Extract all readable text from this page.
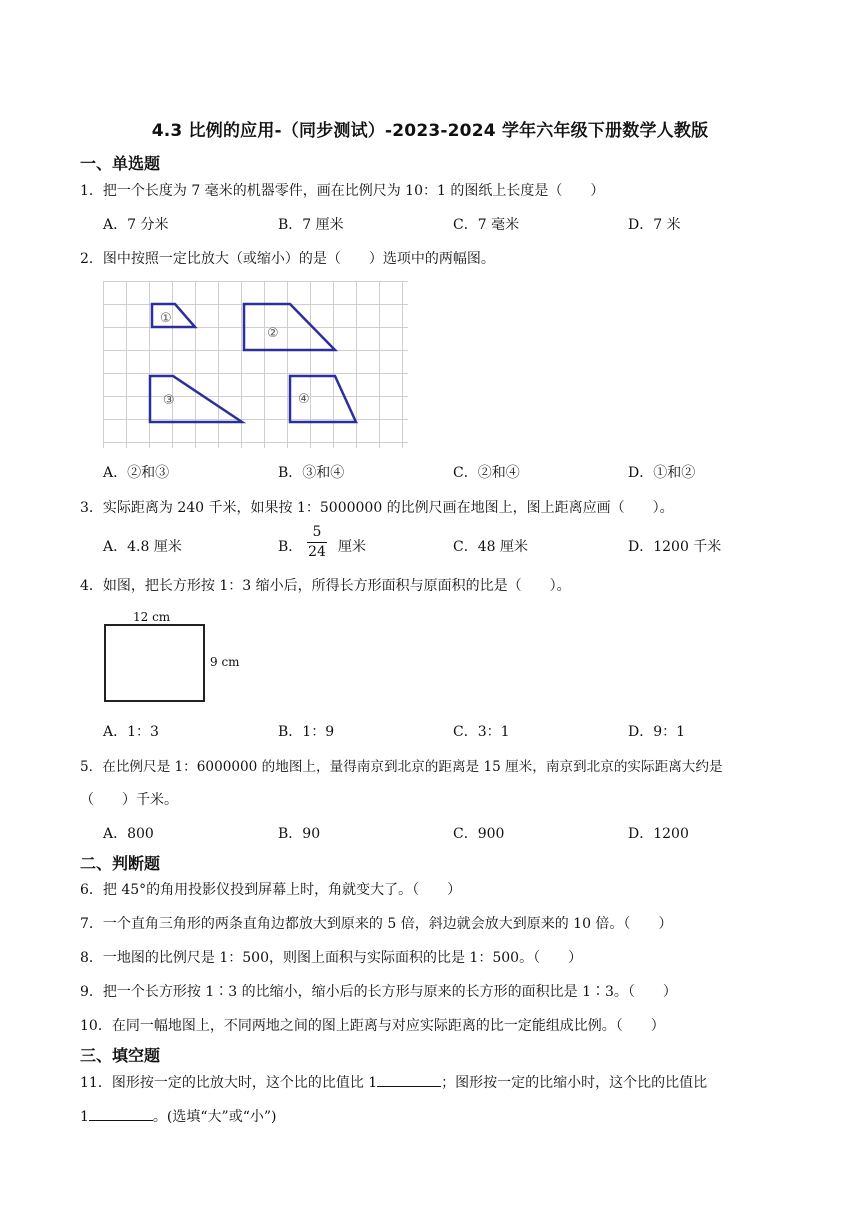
4.3 比例的应用-（同步测试）-2023-2024 学年六年级下册数学人教版
一、单选题
1．把一个长度为 7 毫米的机器零件，画在比例尺为 10：1 的图纸上长度是（　　）
A．7 分米	B．7 厘米	C．7 毫米	D．7 米
2．图中按照一定比放大（或缩小）的是（　　）选项中的两幅图。
①
②
③	④
A．②和③	B．③和④	C．②和④	D．①和②
3．实际距离为 240 千米，如果按 1：5000000 的比例尺画在地图上，图上距离应画（　　）。
A．4.8 厘米	B．
5
24 厘米	C．48 厘米	D．1200 千米
4．如图，把长方形按 1：3 缩小后，所得长方形面积与原面积的比是（　　）。
12 cm
9 cm
A．1：3	B．1：9	C．3：1	D．9：1
5．在比例尺是 1：6000000 的地图上，量得南京到北京的距离是 15 厘米，南京到北京的实际距离大约是
（　　）千米。
A．800	B．90	C．900	D．1200
二、判断题
6．把 45°的角用投影仪投到屏幕上时，角就变大了。（　　）
7．一个直角三角形的两条直角边都放大到原来的 5 倍，斜边就会放大到原来的 10 倍。（　　）
8．一地图的比例尺是 1：500，则图上面积与实际面积的比是 1：500。（　　）
9．把一个长方形按 1∶3 的比缩小，缩小后的长方形与原来的长方形的面积比是 1∶3。（　　）
10．在同一幅地图上，不同两地之间的图上距离与对应实际距离的比一定能组成比例。（　　）
三、填空题
11．图形按一定的比放大时，这个比的比值比 1	；图形按一定的比缩小时，这个比的比值比
1	。(选填“大”或“小”)
